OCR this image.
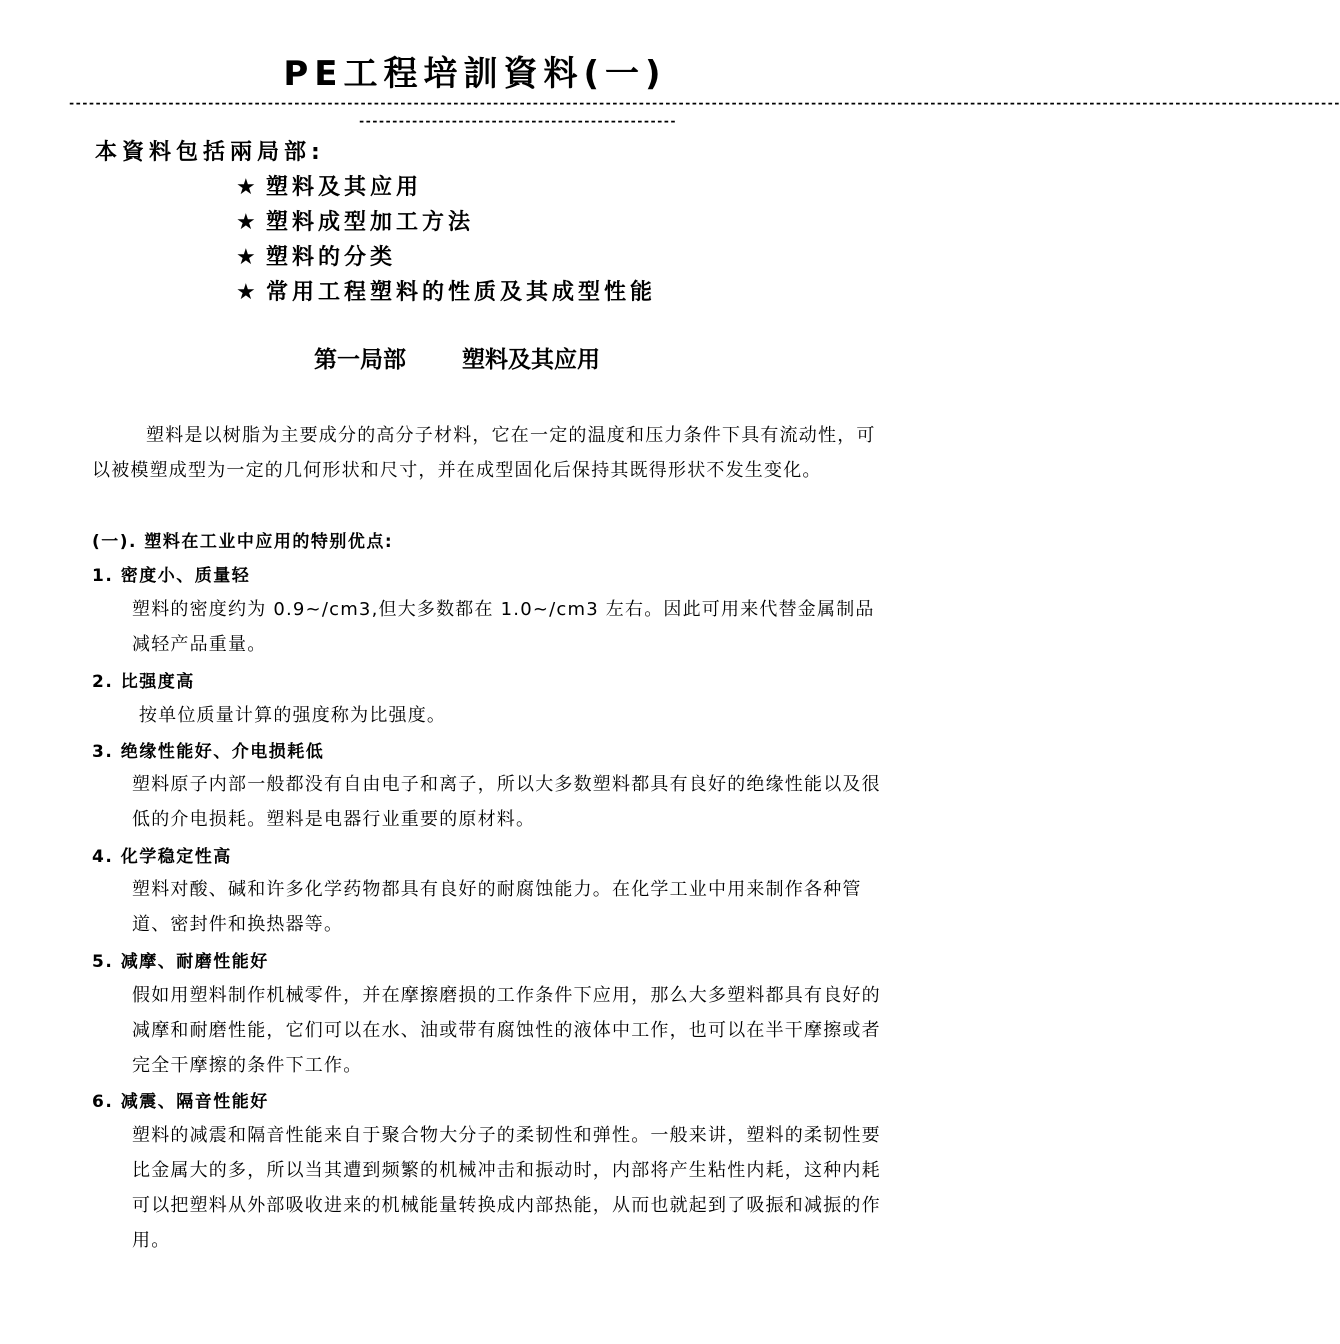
PE工程培訓資料(一)
------------------------------------------------------------------------------------------------------------------------------------------------------------------------------------------------
------------------------------------------------
本資料包括兩局部:
★ 塑料及其应用
★ 塑料成型加工方法
★ 塑料的分类
★ 常用工程塑料的性质及其成型性能
第一局部 塑料及其应用
塑料是以树脂为主要成分的高分子材料，它在一定的温度和压力条件下具有流动性，可以被模塑成型为一定的几何形状和尺寸，并在成型固化后保持其既得形状不发生变化。
(一). 塑料在工业中应用的特别优点:
1. 密度小、质量轻
塑料的密度约为 0.9~/cm3,但大多数都在 1.0~/cm3 左右。因此可用来代替金属制品　减轻产品重量。
2. 比强度高
按单位质量计算的强度称为比强度。
3. 绝缘性能好、介电损耗低
塑料原子内部一般都没有自由电子和离子，所以大多数塑料都具有良好的绝缘性能以及很低的介电损耗。塑料是电器行业重要的原材料。
4. 化学稳定性高
塑料对酸、碱和许多化学药物都具有良好的耐腐蚀能力。在化学工业中用来制作各种管道、密封件和换热器等。
5. 减摩、耐磨性能好
假如用塑料制作机械零件，并在摩擦磨损的工作条件下应用，那么大多塑料都具有良好的减摩和耐磨性能，它们可以在水、油或带有腐蚀性的液体中工作，也可以在半干摩擦或者完全干摩擦的条件下工作。
6. 减震、隔音性能好
塑料的减震和隔音性能来自于聚合物大分子的柔韧性和弹性。一般来讲，塑料的柔韧性要比金属大的多，所以当其遭到频繁的机械冲击和振动时，内部将产生粘性内耗，这种内耗可以把塑料从外部吸收进来的机械能量转换成内部热能，从而也就起到了吸振和减振的作用。
